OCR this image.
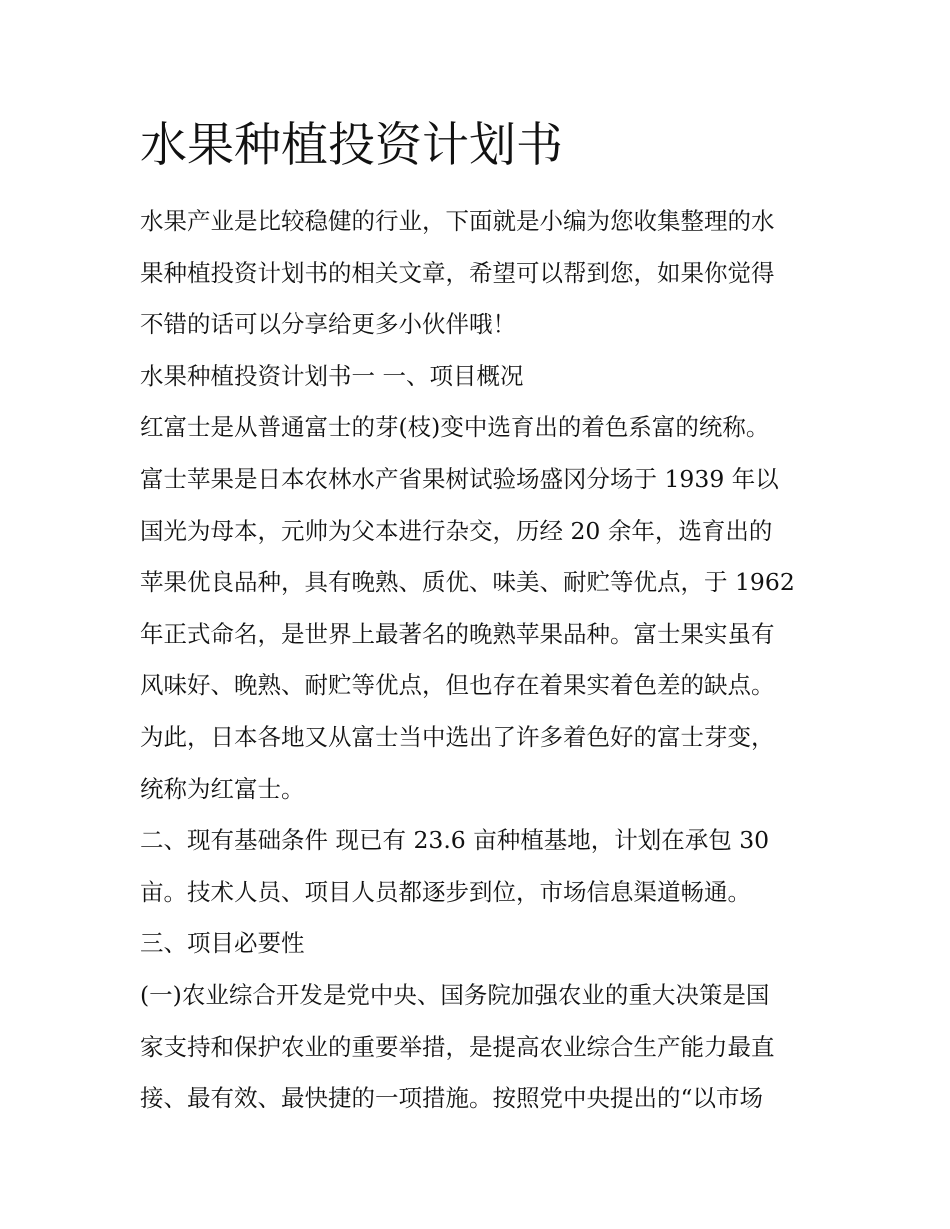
水果种植投资计划书
水果产业是比较稳健的行业，下面就是小编为您收集整理的水
果种植投资计划书的相关文章，希望可以帮到您，如果你觉得
不错的话可以分享给更多小伙伴哦！
水果种植投资计划书一 一、项目概况
红富士是从普通富士的芽(枝)变中选育出的着色系富的统称。
富士苹果是日本农林水产省果树试验场盛冈分场于 1939 年以
国光为母本，元帅为父本进行杂交，历经 20 余年，选育出的
苹果优良品种，具有晚熟、质优、味美、耐贮等优点，于 1962
年正式命名，是世界上最著名的晚熟苹果品种。富士果实虽有
风味好、晚熟、耐贮等优点，但也存在着果实着色差的缺点。
为此，日本各地又从富士当中选出了许多着色好的富士芽变，
统称为红富士。
二、现有基础条件 现已有 23.6 亩种植基地，计划在承包 30
亩。技术人员、项目人员都逐步到位，市场信息渠道畅通。
三、项目必要性
(一)农业综合开发是党中央、国务院加强农业的重大决策是国
家支持和保护农业的重要举措，是提高农业综合生产能力最直
接、最有效、最快捷的一项措施。按照党中央提出的“以市场
